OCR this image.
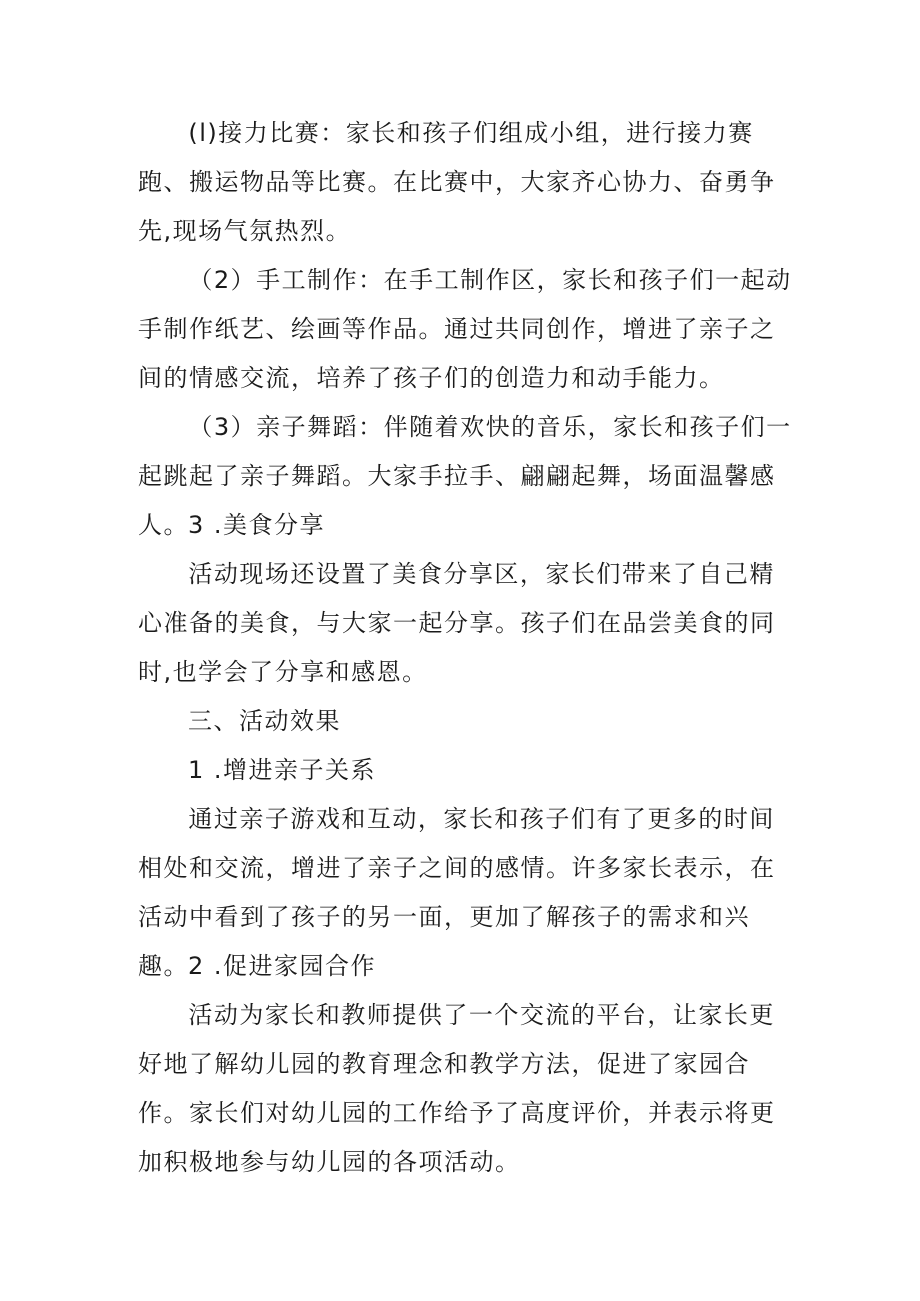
(l)接力比赛：家长和孩子们组成小组，进行接力赛跑、搬运物品等比赛。在比赛中，大家齐心协力、奋勇争先,现场气氛热烈。

（2）手工制作：在手工制作区，家长和孩子们一起动手制作纸艺、绘画等作品。通过共同创作，增进了亲子之间的情感交流，培养了孩子们的创造力和动手能力。

（3）亲子舞蹈：伴随着欢快的音乐，家长和孩子们一起跳起了亲子舞蹈。大家手拉手、翩翩起舞，场面温馨感人。 3 .美食分享

活动现场还设置了美食分享区，家长们带来了自己精心准备的美食，与大家一起分享。孩子们在品尝美食的同时,也学会了分享和感恩。

三、活动效果

1 .增进亲子关系

通过亲子游戏和互动，家长和孩子们有了更多的时间相处和交流，增进了亲子之间的感情。许多家长表示，在活动中看到了孩子的另一面，更加了解孩子的需求和兴趣。 2 .促进家园合作

活动为家长和教师提供了一个交流的平台，让家长更好地了解幼儿园的教育理念和教学方法，促进了家园合作。家长们对幼儿园的工作给予了高度评价，并表示将更加积极地参与幼儿园的各项活动。
